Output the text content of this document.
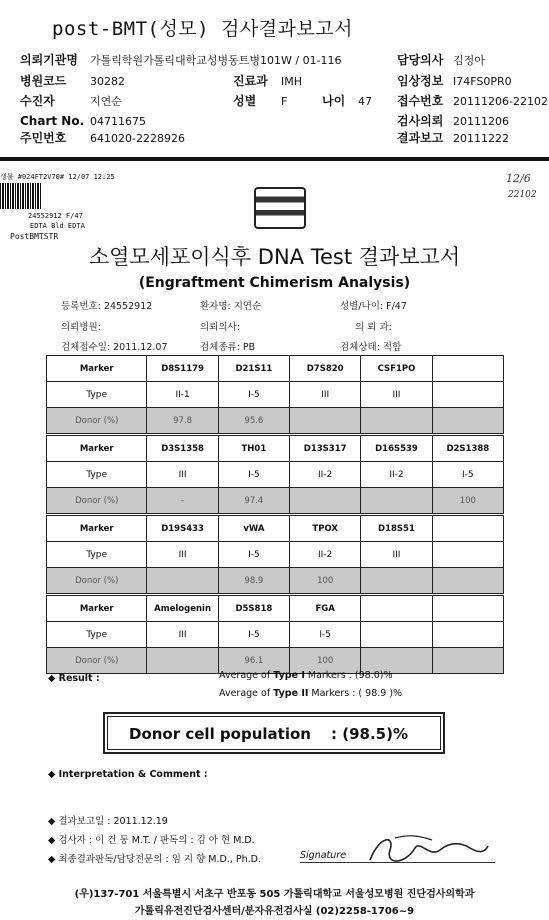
post-BMT(성모) 검사결과보고서
의뢰기관명 가톨릭학원가톨릭대학교성병동트병101W / 01-116	담당의사 김정아
병원코드 30282	진료과 IMH	임상정보 I74FS0PR0
수진자	지연순	성별 F	나이 47 접수번호 20111206-22102
Chart No. 04711675	검사의뢰 20111206
주민번호 641020-2228926	결과보고 20111222
생물 #024FT2V70# 12/07 12:25
24552912 F/47
EDTA Bld EDTA
PostBMTSTR
12/6
22102
소열모세포이식후 DNA Test 결과보고서
(Engraftment Chimerism Analysis)
등록번호: 24552912	환자명: 지연순	성별/나이: F/47
의뢰병원:	의뢰의사:	의 뢰 과:
검체접수일: 2011.12.07	검체종류: PB	검체상태: 적합
Marker	D8S1179	D21S11	D7S820	CSF1PO	
Type	II-1	I-5	III	III	
Donor (%)	97.8	95.6			

Marker	D3S1358	TH01	D13S317	D16S539	D2S1388
Type	III	I-5	II-2	II-2	I-5
Donor (%)	-	97.4			100

Marker	D19S433	vWA	TPOX	D18S51	
Type	III	I-5	II-2	III	
Donor (%)		98.9	100		

Marker	Amelogenin	D5S818	FGA		
Type	III	I-5	I-5		
Donor (%)		96.1	100		
◆ Result :	Average of Type I Markers : (98.0)%
Average of Type II Markers : ( 98.9 )%
Donor cell population : (98.5)%
◆ Interpretation & Comment :
◆ 결과보고일 : 2011.12.19
◆ 검사자 : 이 건 동 M.T. / 판독의 : 김 아 현 M.D.
◆ 최종결과판독/담당전문의 : 임 지 향 M.D., Ph.D.	Signature
(우)137-701 서울특별시 서초구 반포동 505 가톨릭대학교 서울성모병원 진단검사의학과
가톨릭유전진단검사센터/분자유전검사실 (02)2258-1706~9
